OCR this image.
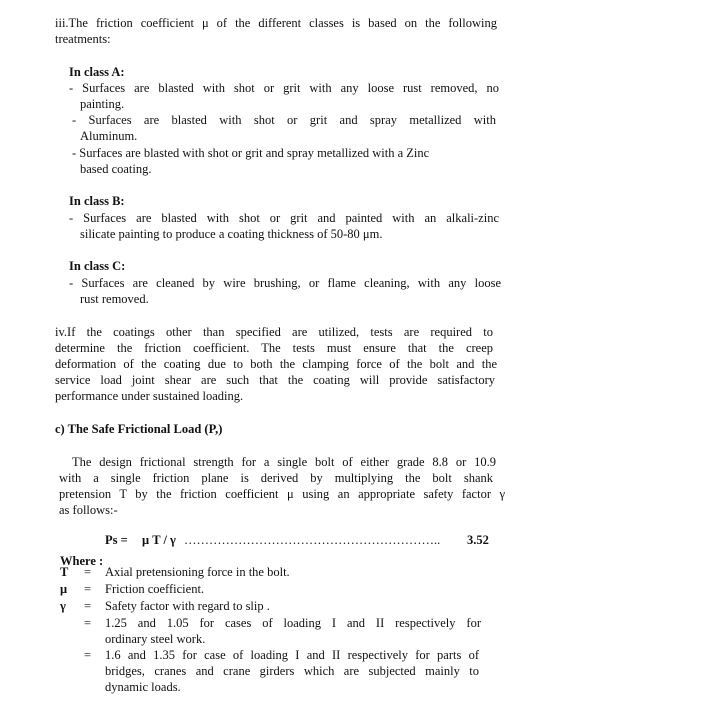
iii.The friction coefficient μ of the different classes is based on the following
treatments:
In class A:
- Surfaces are blasted with shot or grit with any loose rust removed, no
painting.
- Surfaces are blasted with shot or grit and spray metallized with
Aluminum.
- Surfaces are blasted with shot or grit and spray metallized with a Zinc
based coating.
In class B:
- Surfaces are blasted with shot or grit and painted with an alkali-zinc
silicate painting to produce a coating thickness of 50-80 μm.
In class C:
- Surfaces are cleaned by wire brushing, or flame cleaning, with any loose
rust removed.
iv.If the coatings other than specified are utilized, tests are required to
determine the friction coefficient. The tests must ensure that the creep
deformation of the coating due to both the clamping force of the bolt and the
service load joint shear are such that the coating will provide satisfactory
performance under sustained loading.
c) The Safe Frictional Load (P,)
The design frictional strength for a single bolt of either grade 8.8 or 10.9
with a single friction plane is derived by multiplying the bolt shank
pretension T by the friction coefficient μ using an appropriate safety factor γ
as follows:-
Ps = μ T / γ …………………………………………………….. 3.52
Where :
T = Axial pretensioning force in the bolt.
μ = Friction coefficient.
γ = Safety factor with regard to slip .
= 1.25 and 1.05 for cases of loading I and II respectively for
ordinary steel work.
= 1.6 and 1.35 for case of loading I and II respectively for parts of
bridges, cranes and crane girders which are subjected mainly to
dynamic loads.
